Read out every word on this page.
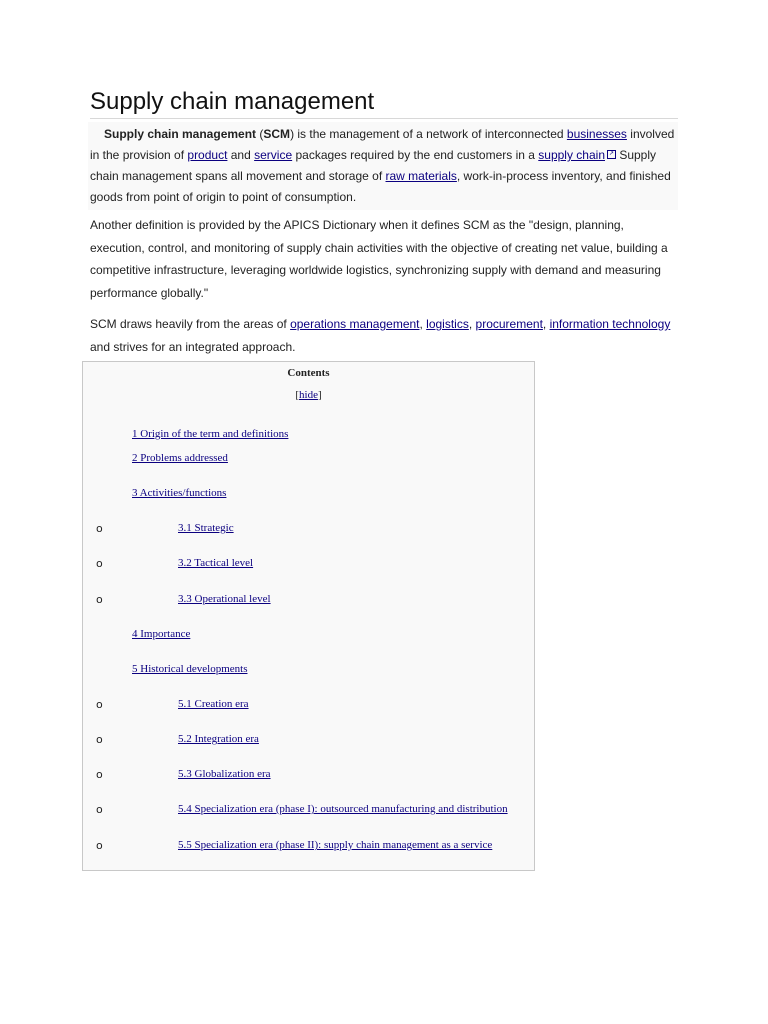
Supply chain management

Supply chain management (SCM) is the management of a network of interconnected businesses involved in the provision of product and service packages required by the end customers in a supply chain ↗ Supply chain management spans all movement and storage of raw materials, work-in-process inventory, and finished goods from point of origin to point of consumption.

Another definition is provided by the APICS Dictionary when it defines SCM as the "design, planning, execution, control, and monitoring of supply chain activities with the objective of creating net value, building a competitive infrastructure, leveraging worldwide logistics, synchronizing supply with demand and measuring performance globally."

SCM draws heavily from the areas of operations management, logistics, procurement, information technology and strives for an integrated approach.

Contents
[hide]
1 Origin of the term and definitions
2 Problems addressed
3 Activities/functions
o	3.1 Strategic
o	3.2 Tactical level
o	3.3 Operational level
4 Importance
5 Historical developments
o	5.1 Creation era
o	5.2 Integration era
o	5.3 Globalization era
o	5.4 Specialization era (phase I): outsourced manufacturing and distribution
o	5.5 Specialization era (phase II): supply chain management as a service
